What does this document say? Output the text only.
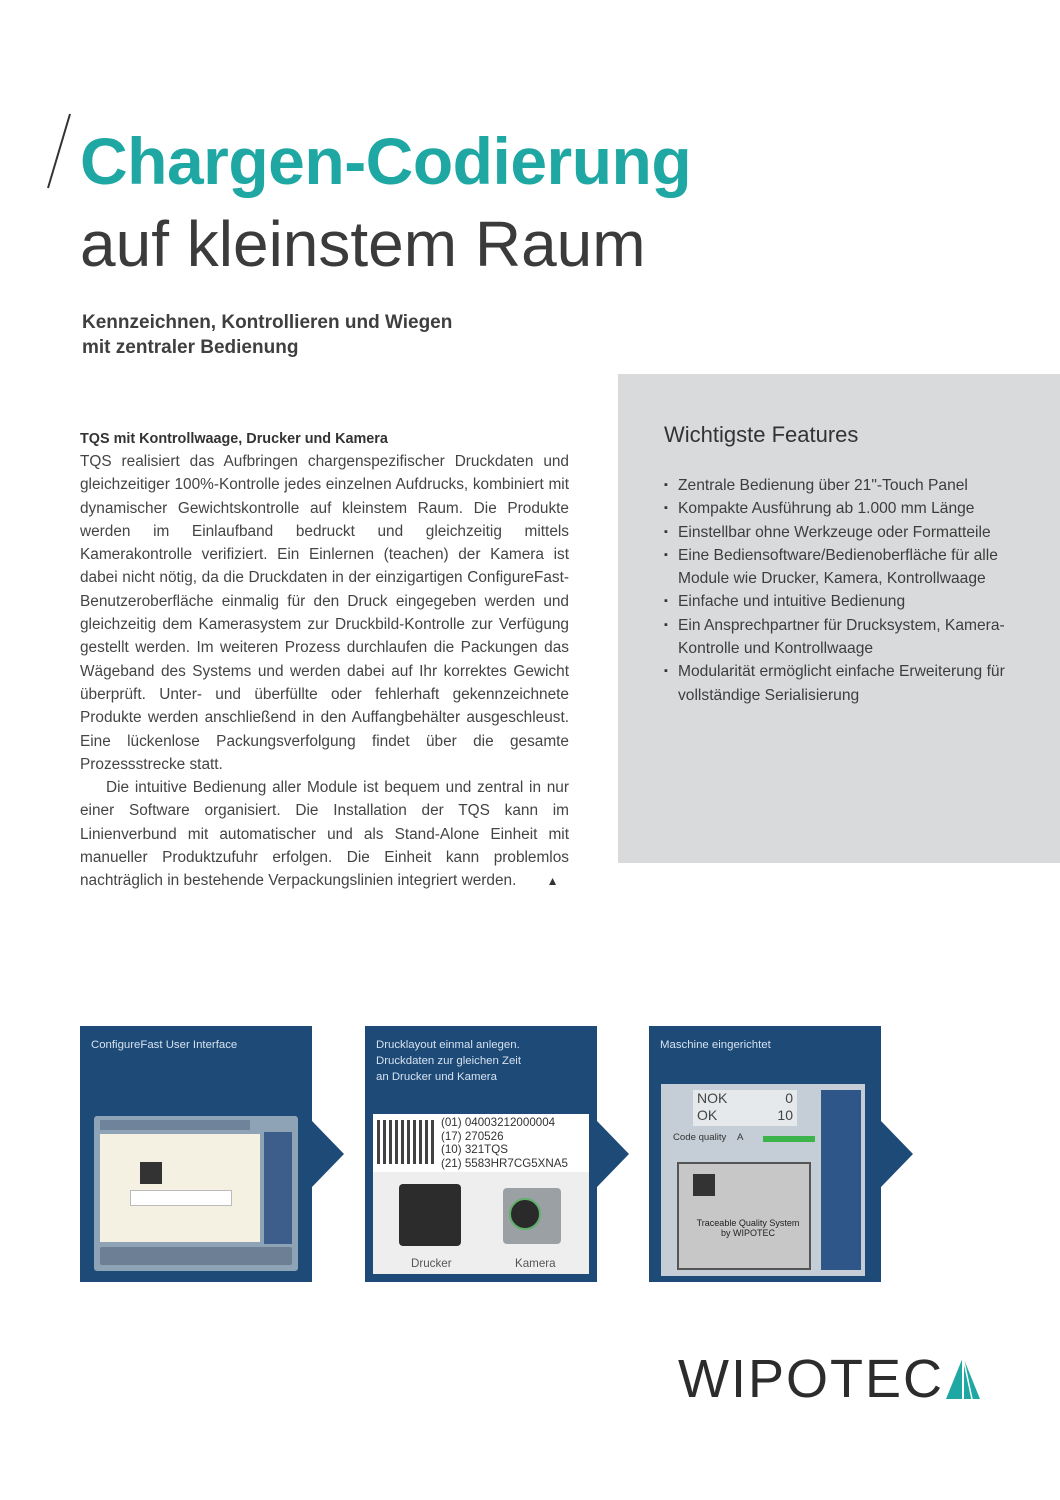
Chargen-Codierung
auf kleinstem Raum
Kennzeichnen, Kontrollieren und Wiegen
mit zentraler Bedienung
TQS mit Kontrollwaage, Drucker und Kamera

TQS realisiert das Aufbringen chargenspezifischer Druckdaten und gleichzeitiger 100%-Kontrolle jedes einzelnen Aufdrucks, kombiniert mit dynamischer Gewichtskontrolle auf kleinstem Raum. Die Produkte werden im Einlaufband bedruckt und gleichzeitig mittels Kamerakontrolle verifiziert. Ein Einlernen (teachen) der Kamera ist dabei nicht nötig, da die Druckdaten in der einzigartigen ConfigureFast-Benutzeroberfläche einmalig für den Druck eingegeben werden und gleichzeitig dem Kamerasystem zur Druckbild-Kontrolle zur Verfügung gestellt werden. Im weiteren Prozess durchlaufen die Packungen das Wägeband des Systems und werden dabei auf Ihr korrektes Gewicht überprüft. Unter- und überfüllte oder fehlerhaft gekennzeichnete Produkte werden anschließend in den Auffangbehälter ausgeschleust. Eine lückenlose Packungsverfolgung findet über die gesamte Prozessstrecke statt.

Die intuitive Bedienung aller Module ist bequem und zentral in nur einer Software organisiert. Die Installation der TQS kann im Linienverbund mit automatischer und als Stand-Alone Einheit mit manueller Produktzufuhr erfolgen. Die Einheit kann problemlos nachträglich in bestehende Verpackungslinien integriert werden.	▲

Wichtigste Features
▪ Zentrale Bedienung über 21"-Touch Panel
▪ Kompakte Ausführung ab 1.000 mm Länge
▪ Einstellbar ohne Werkzeuge oder Formatteile
▪ Eine Bediensoftware/Bedienoberfläche für alle Module wie Drucker, Kamera, Kontrollwaage
▪ Einfache und intuitive Bedienung
▪ Ein Ansprechpartner für Drucksystem, Kamera-Kontrolle und Kontrollwaage
▪ Modularität ermöglicht einfache Erweiterung für vollständige Serialisierung
ConfigureFast User Interface	Drucklayout einmal anlegen.
Druckdaten zur gleichen Zeit
an Drucker und Kamera
(01) 04003212000004
(17) 270526
(10) 321TQS
(21) 5583HR7CG5XNA5
Drucker	Kamera
Maschine eingerichtet
NOK	0
OK	10
Code quality A
Traceable Quality System by WIPOTEC
WIPOTEC
